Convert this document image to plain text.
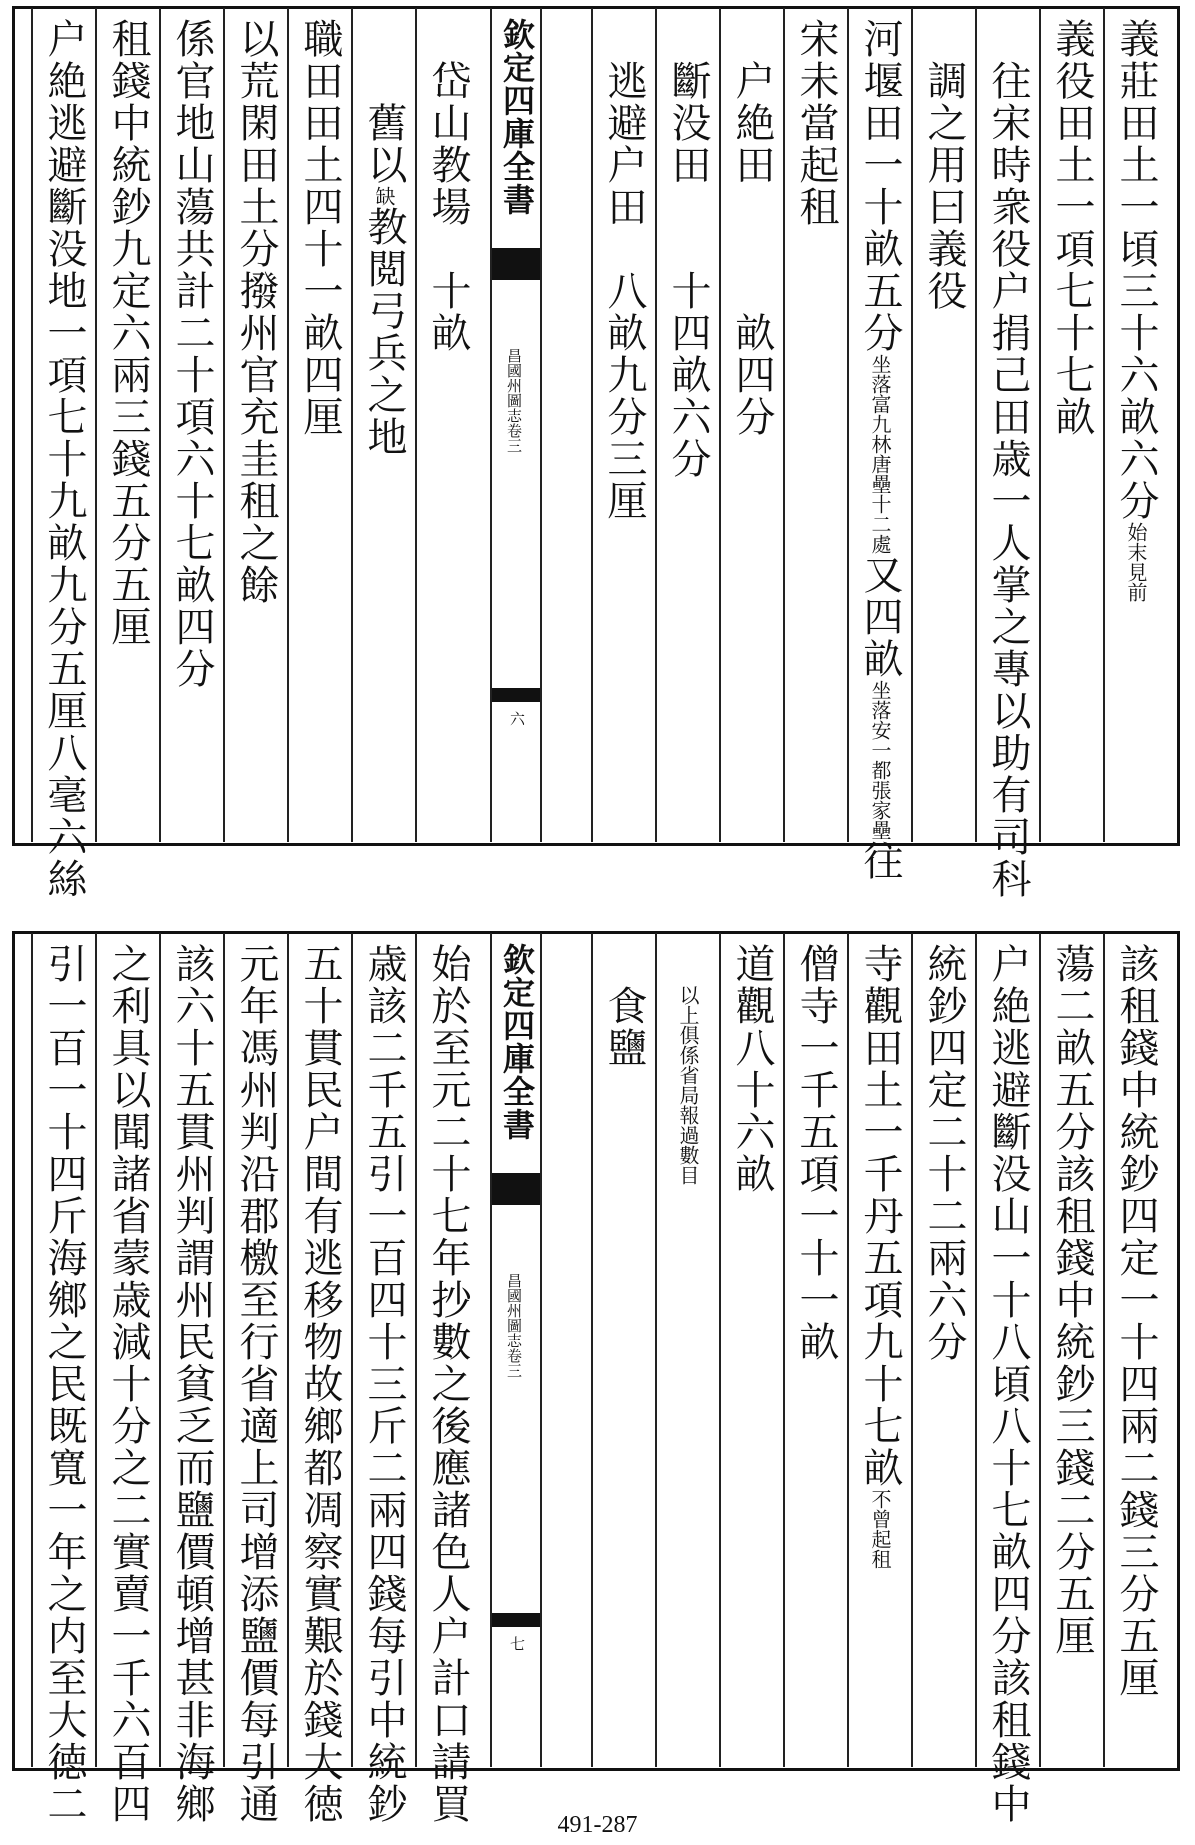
義莊田土一頃三十六畝六分始末見前
義役田土一項七十七畝
　往宋時衆役户捐己田歳一人掌之專以助有司科
　調之用曰義役
河堰田一十畝五分坐落富九林唐壘十二處又四畝坐落安一都張家壘往
宋未當起租
　户絶田　　　畝四分
　斷没田　　十四畝六分
　逃避户田　八畝九分三厘
　岱山教場　十畝
　　舊以缺教閲弓兵之地
職田田土四十一畝四厘
以荒閑田土分撥州官充圭租之餘
係官地山蕩共計二十項六十七畝四分
租錢中統鈔九定六兩三錢五分五厘
户絶逃避斷没地一項七十九畝九分五厘八毫六絲	欽定四庫全書
昌國州圖志卷三
六
該租錢中統鈔四定一十四兩二錢三分五厘
蕩二畝五分該租錢中統鈔三錢二分五厘
户絶逃避斷没山一十八頃八十七畝四分該租錢中
統鈔四定二十二兩六分
寺觀田土一千丹五項九十七畝不曾起租
僧寺一千五項一十一畝
道觀八十六畝
　以上俱係省局報過數目
　食鹽
始於至元二十七年抄數之後應諸色人户計口請買
歳該二千五引一百四十三斤二兩四錢每引中統鈔
五十貫民户間有逃移物故鄉都凋察實艱於錢大徳
元年馮州判沿郡檄至行省適上司增添鹽價每引通
該六十五貫州判謂州民貧乏而鹽價頓增甚非海鄉
之利具以聞諸省蒙歳減十分之二實賣一千六百四
引一百一十四斤海鄉之民既寬一年之内至大徳二	欽定四庫全書
昌國州圖志卷三
七
491-287
